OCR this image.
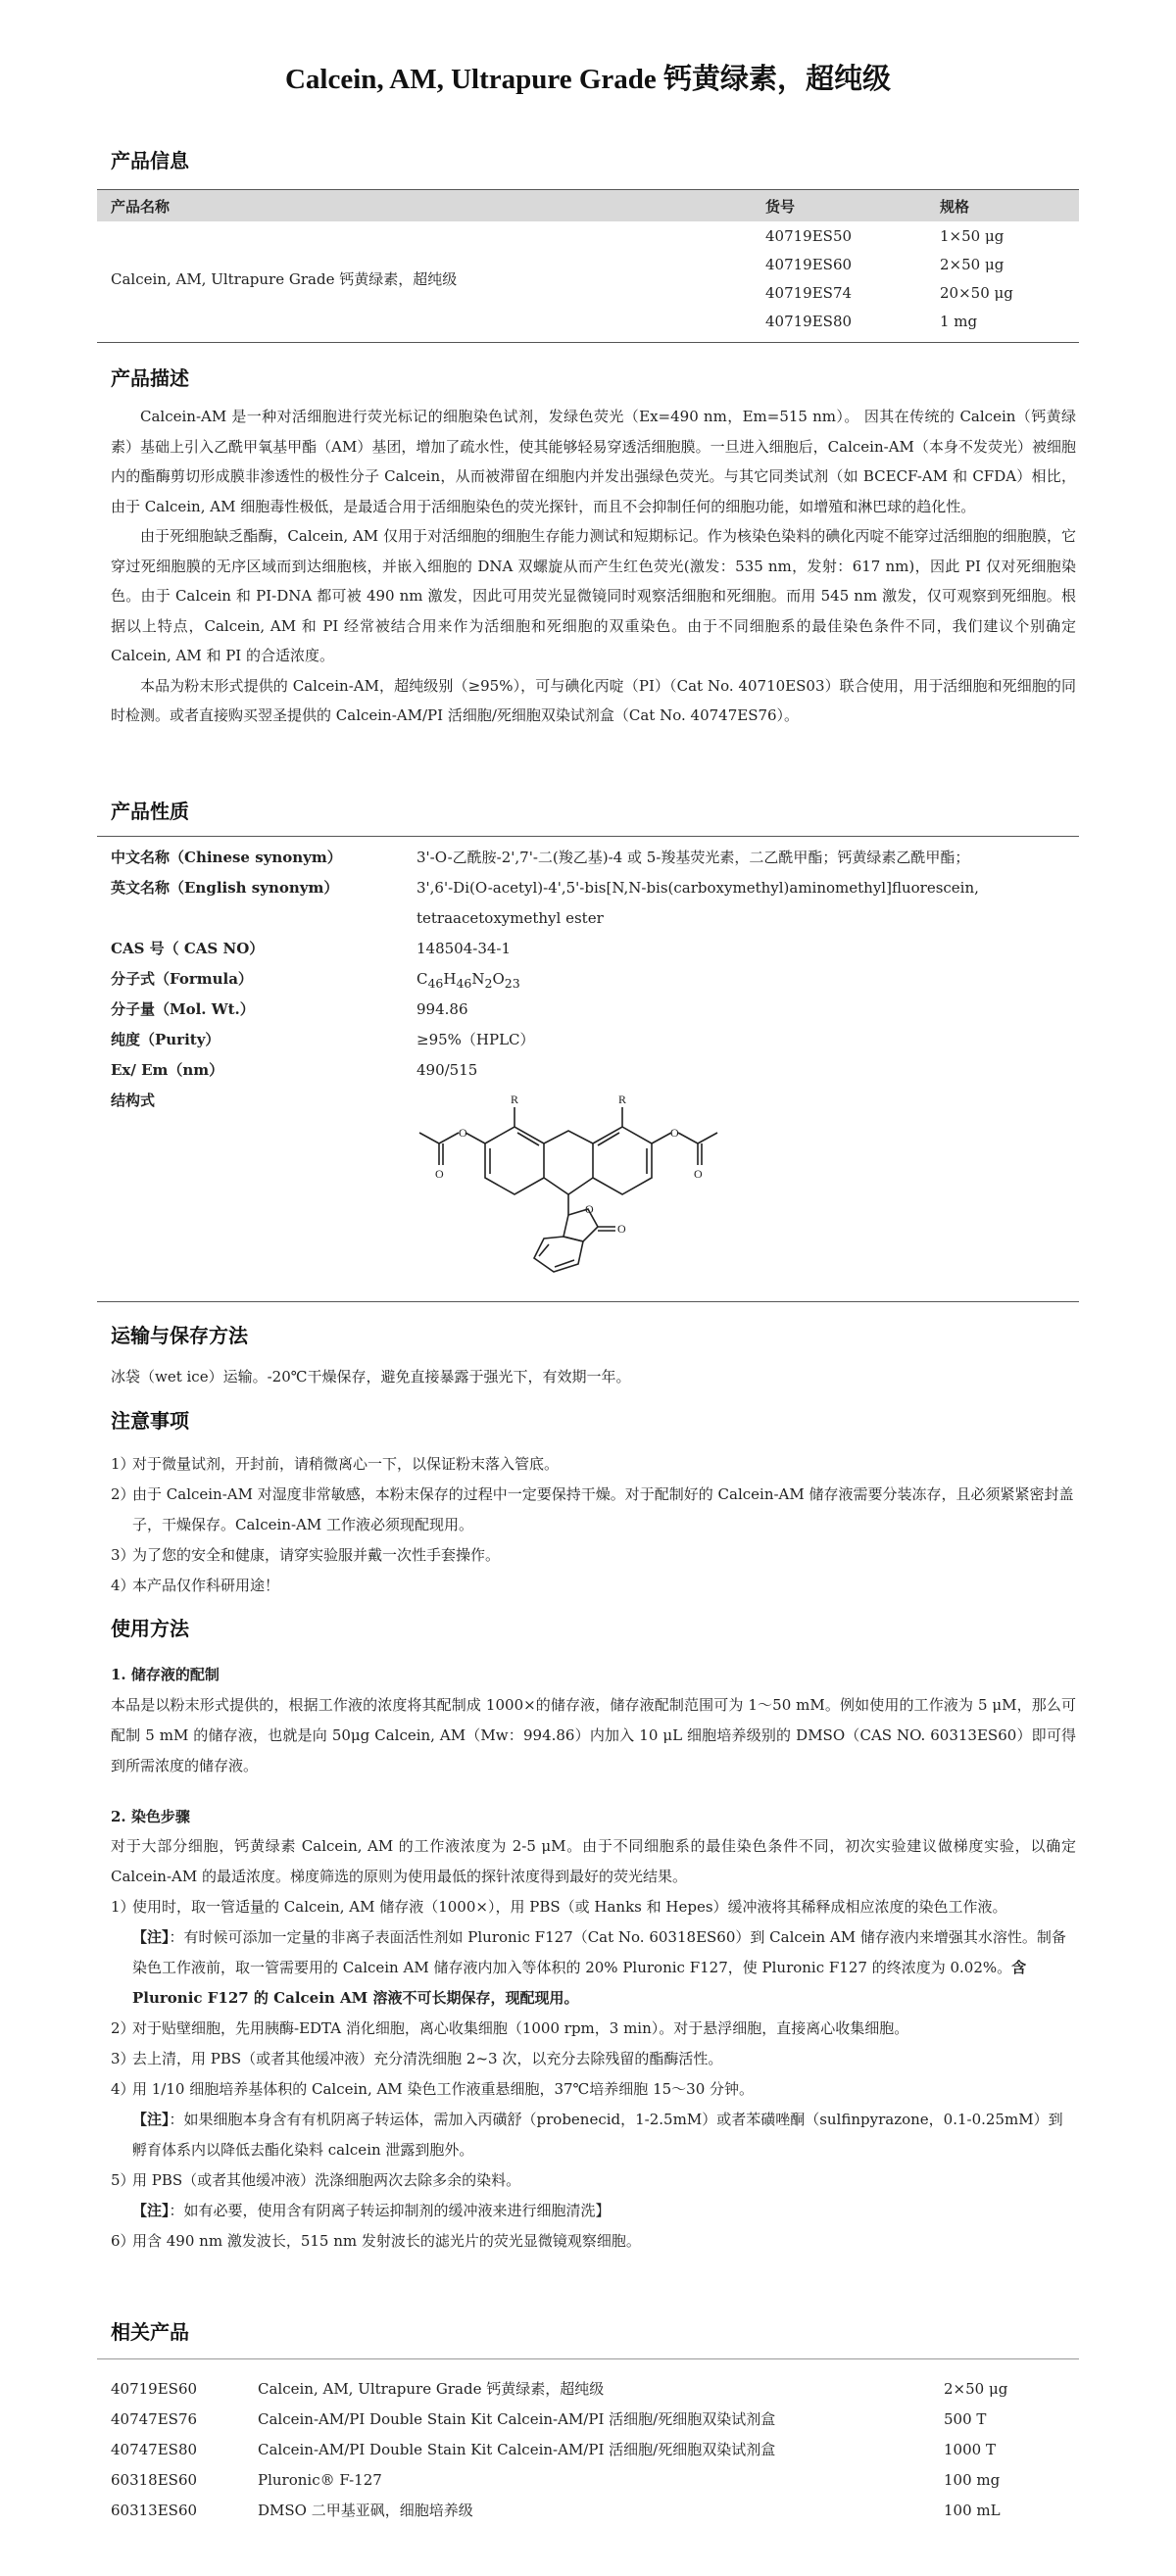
Calcein, AM, Ultrapure Grade 钙黄绿素，超纯级
产品信息
产品名称	货号	规格
Calcein, AM, Ultrapure Grade 钙黄绿素，超纯级	40719ES50	1×50 μg
	40719ES60	2×50 μg
	40719ES74	20×50 μg
	40719ES80	1 mg
产品描述

Calcein-AM 是一种对活细胞进行荧光标记的细胞染色试剂，发绿色荧光（Ex=490 nm，Em=515 nm）。 因其在传统的 Calcein（钙黄绿素）基础上引入乙酰甲氧基甲酯（AM）基团，增加了疏水性，使其能够轻易穿透活细胞膜。一旦进入细胞后，Calcein-AM（本身不发荧光）被细胞内的酯酶剪切形成膜非渗透性的极性分子 Calcein，从而被滞留在细胞内并发出强绿色荧光。与其它同类试剂（如 BCECF-AM 和 CFDA）相比，由于 Calcein, AM 细胞毒性极低，是最适合用于活细胞染色的荧光探针，而且不会抑制任何的细胞功能，如增殖和淋巴球的趋化性。

由于死细胞缺乏酯酶，Calcein, AM 仅用于对活细胞的细胞生存能力测试和短期标记。作为核染色染料的碘化丙啶不能穿过活细胞的细胞膜，它穿过死细胞膜的无序区域而到达细胞核，并嵌入细胞的 DNA 双螺旋从而产生红色荧光(激发：535 nm，发射：617 nm)，因此 PI 仅对死细胞染色。由于 Calcein 和 PI-DNA 都可被 490 nm 激发，因此可用荧光显微镜同时观察活细胞和死细胞。而用 545 nm 激发，仅可观察到死细胞。根据以上特点，Calcein, AM 和 PI 经常被结合用来作为活细胞和死细胞的双重染色。由于不同细胞系的最佳染色条件不同，我们建议个别确定 Calcein, AM 和 PI 的合适浓度。

本品为粉末形式提供的 Calcein-AM，超纯级别（≥95%），可与碘化丙啶（PI）（Cat No. 40710ES03）联合使用，用于活细胞和死细胞的同时检测。或者直接购买翌圣提供的 Calcein-AM/PI 活细胞/死细胞双染试剂盒（Cat No. 40747ES76）。

产品性质
中文名称（Chinese synonym）	3'-O-乙酰胺-2',7'-二(羧乙基)-4 或 5-羧基荧光素，二乙酰甲酯；钙黄绿素乙酰甲酯；
英文名称（English synonym）	3',6'-Di(O-acetyl)-4',5'-bis[N,N-bis(carboxymethyl)aminomethyl]fluorescein,
tetraacetoxymethyl ester
CAS 号（ CAS NO）	148504-34-1
分子式（Formula）	$C_{46}H_{46}N_2O_{23}$
分子量（Mol. Wt.）	994.86
纯度（Purity）	≥95%（HPLC）
Ex/ Em（nm）	490/515
结构式	R	R
O	O
O	O
O
O
运输与保存方法
冰袋（wet ice）运输。-20℃干燥保存，避免直接暴露于强光下，有效期一年。
注意事项
1）
对于微量试剂，开封前，请稍微离心一下，以保证粉末落入管底。
2）
由于 Calcein-AM 对湿度非常敏感，本粉末保存的过程中一定要保持干燥。对于配制好的 Calcein-AM 储存液需要分装冻存，且必须紧紧密封盖子，干燥保存。Calcein-AM 工作液必须现配现用。
3）
为了您的安全和健康，请穿实验服并戴一次性手套操作。
4）
本产品仅作科研用途！
使用方法
1. 储存液的配制
本品是以粉末形式提供的，根据工作液的浓度将其配制成 1000×的储存液，储存液配制范围可为 1～50 mM。例如使用的工作液为 5 μM，那么可配制 5 mM 的储存液，也就是向 50μg Calcein, AM（Mw：994.86）内加入 10 μL 细胞培养级别的 DMSO（CAS NO. 60313ES60）即可得到所需浓度的储存液。
2. 染色步骤
对于大部分细胞，钙黄绿素 Calcein, AM 的工作液浓度为 2-5 μM。由于不同细胞系的最佳染色条件不同，初次实验建议做梯度实验，以确定 Calcein-AM 的最适浓度。梯度筛选的原则为使用最低的探针浓度得到最好的荧光结果。
1）
使用时，取一管适量的 Calcein, AM 储存液（1000×），用 PBS（或 Hanks 和 Hepes）缓冲液将其稀释成相应浓度的染色工作液。
【注】：有时候可添加一定量的非离子表面活性剂如 Pluronic F127（Cat No. 60318ES60）到 Calcein AM 储存液内来增强其水溶性。制备染色工作液前，取一管需要用的 Calcein AM 储存液内加入等体积的 20% Pluronic F127，使 Pluronic F127 的终浓度为 0.02%。含 Pluronic F127 的 Calcein AM 溶液不可长期保存，现配现用。
2）
对于贴壁细胞，先用胰酶-EDTA 消化细胞，离心收集细胞（1000 rpm，3 min）。对于悬浮细胞，直接离心收集细胞。
3）
去上清，用 PBS（或者其他缓冲液）充分清洗细胞 2~3 次，以充分去除残留的酯酶活性。
4）
用 1/10 细胞培养基体积的 Calcein, AM 染色工作液重悬细胞，37℃培养细胞 15～30 分钟。
【注】：如果细胞本身含有有机阴离子转运体，需加入丙磺舒（probenecid，1-2.5mM）或者苯磺唑酮（sulfinpyrazone，0.1-0.25mM）到孵育体系内以降低去酯化染料 calcein 泄露到胞外。
5）
用 PBS（或者其他缓冲液）洗涤细胞两次去除多余的染料。
【注】：如有必要，使用含有阴离子转运抑制剂的缓冲液来进行细胞清洗】
6）
用含 490 nm 激发波长，515 nm 发射波长的滤光片的荧光显微镜观察细胞。
相关产品
40719ES60	Calcein, AM, Ultrapure Grade 钙黄绿素，超纯级	2×50 μg
40747ES76	Calcein-AM/PI Double Stain Kit Calcein-AM/PI 活细胞/死细胞双染试剂盒	500 T
40747ES80	Calcein-AM/PI Double Stain Kit Calcein-AM/PI 活细胞/死细胞双染试剂盒	1000 T
60318ES60	Pluronic® F-127	100 mg
60313ES60	DMSO 二甲基亚砜，细胞培养级	100 mL
